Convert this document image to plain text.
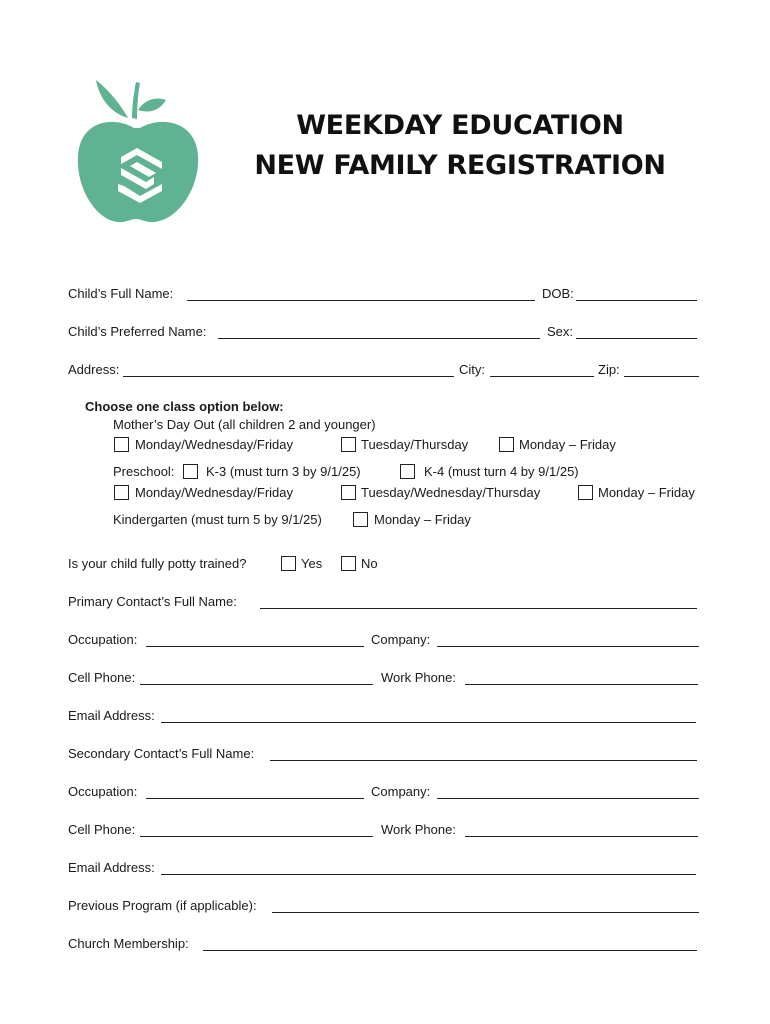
WEEKDAY EDUCATION
NEW FAMILY REGISTRATION
Child’s Full Name:	DOB:
Child’s Preferred Name:	Sex:
Address:	City:	Zip:
Choose one class option below:
Mother’s Day Out (all children 2 and younger)
Monday/Wednesday/Friday	Tuesday/Thursday	Monday – Friday
Preschool: K-3 (must turn 3 by 9/1/25)	K-4 (must turn 4 by 9/1/25)
Monday/Wednesday/Friday	Tuesday/Wednesday/Thursday	Monday – Friday
Kindergarten (must turn 5 by 9/1/25)	Monday – Friday
Is your child fully potty trained?	Yes	No
Primary Contact’s Full Name:
Occupation:	Company:
Cell Phone:	Work Phone:
Email Address:
Secondary Contact’s Full Name:
Occupation:	Company:
Cell Phone:	Work Phone:
Email Address:
Previous Program (if applicable):
Church Membership:
